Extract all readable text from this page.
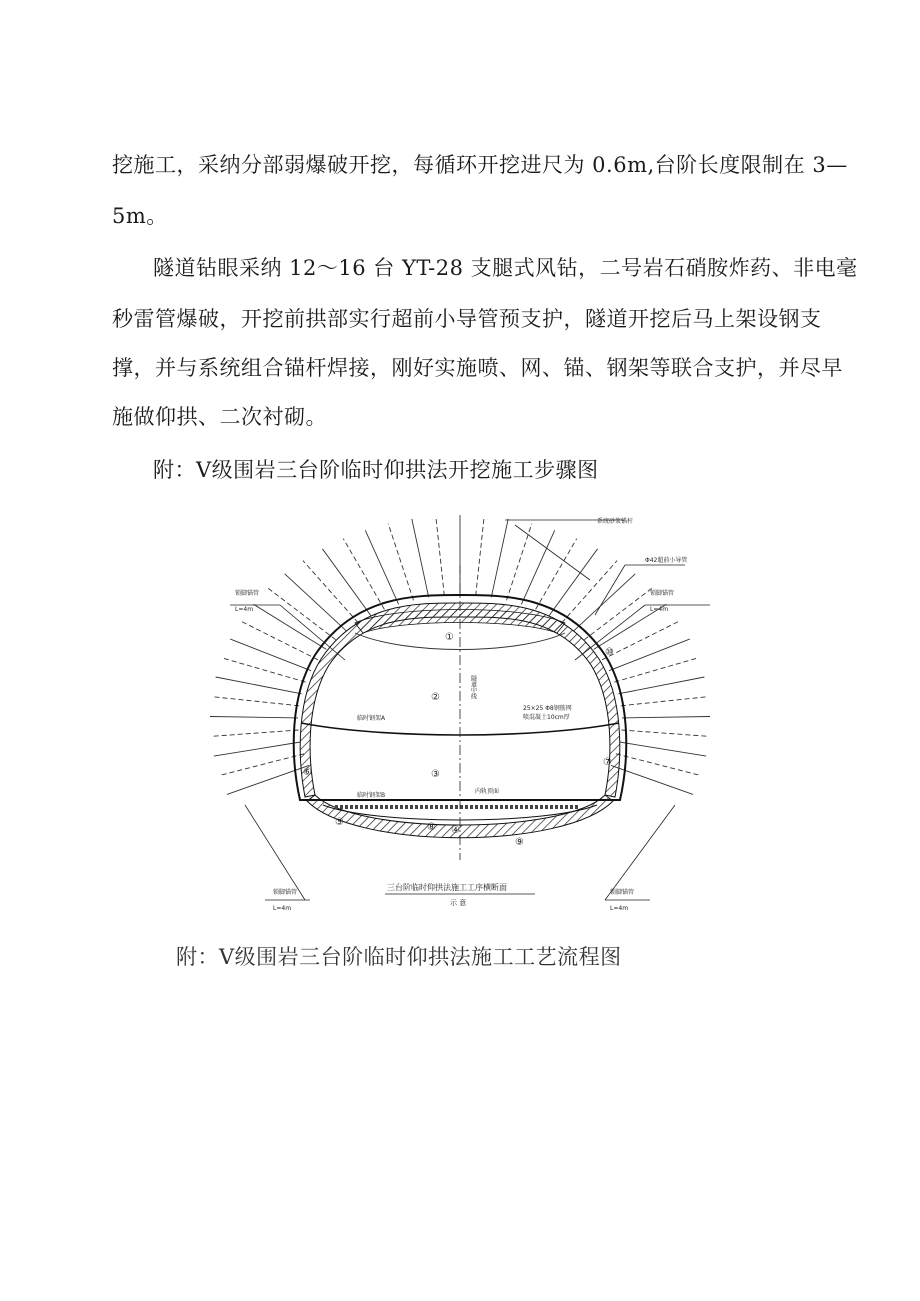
挖施工，采纳分部弱爆破开挖，每循环开挖进尺为 0.6m,台阶长度限制在 3—
5m。
隧道钻眼采纳 12～16 台 YT-28 支腿式风钻，二号岩石硝胺炸药、非电毫
秒雷管爆破，开挖前拱部实行超前小导管预支护，隧道开挖后马上架设钢支
撑，并与系统组合锚杆焊接，刚好实施喷、网、锚、钢架等联合支护，并尽早
施做仰拱、二次衬砌。
附：V级围岩三台阶临时仰拱法开挖施工步骤图
系统砂浆锚杆
Φ42超前小导管
锁脚锚管
L=4m
锁脚锚管
L=4m
锁脚锚管
L=4m
锁脚锚管
L=4m
隧道中线
25×25 Φ8钢筋网
喷混凝土10cm厚
临时钢架A
临时钢架B
内轨顶面
三台阶临时仰拱法施工工序横断面
示 意
①
②
③
④
⑤
⑥
⑦
⑧
⑨
⑩
附：V级围岩三台阶临时仰拱法施工工艺流程图
